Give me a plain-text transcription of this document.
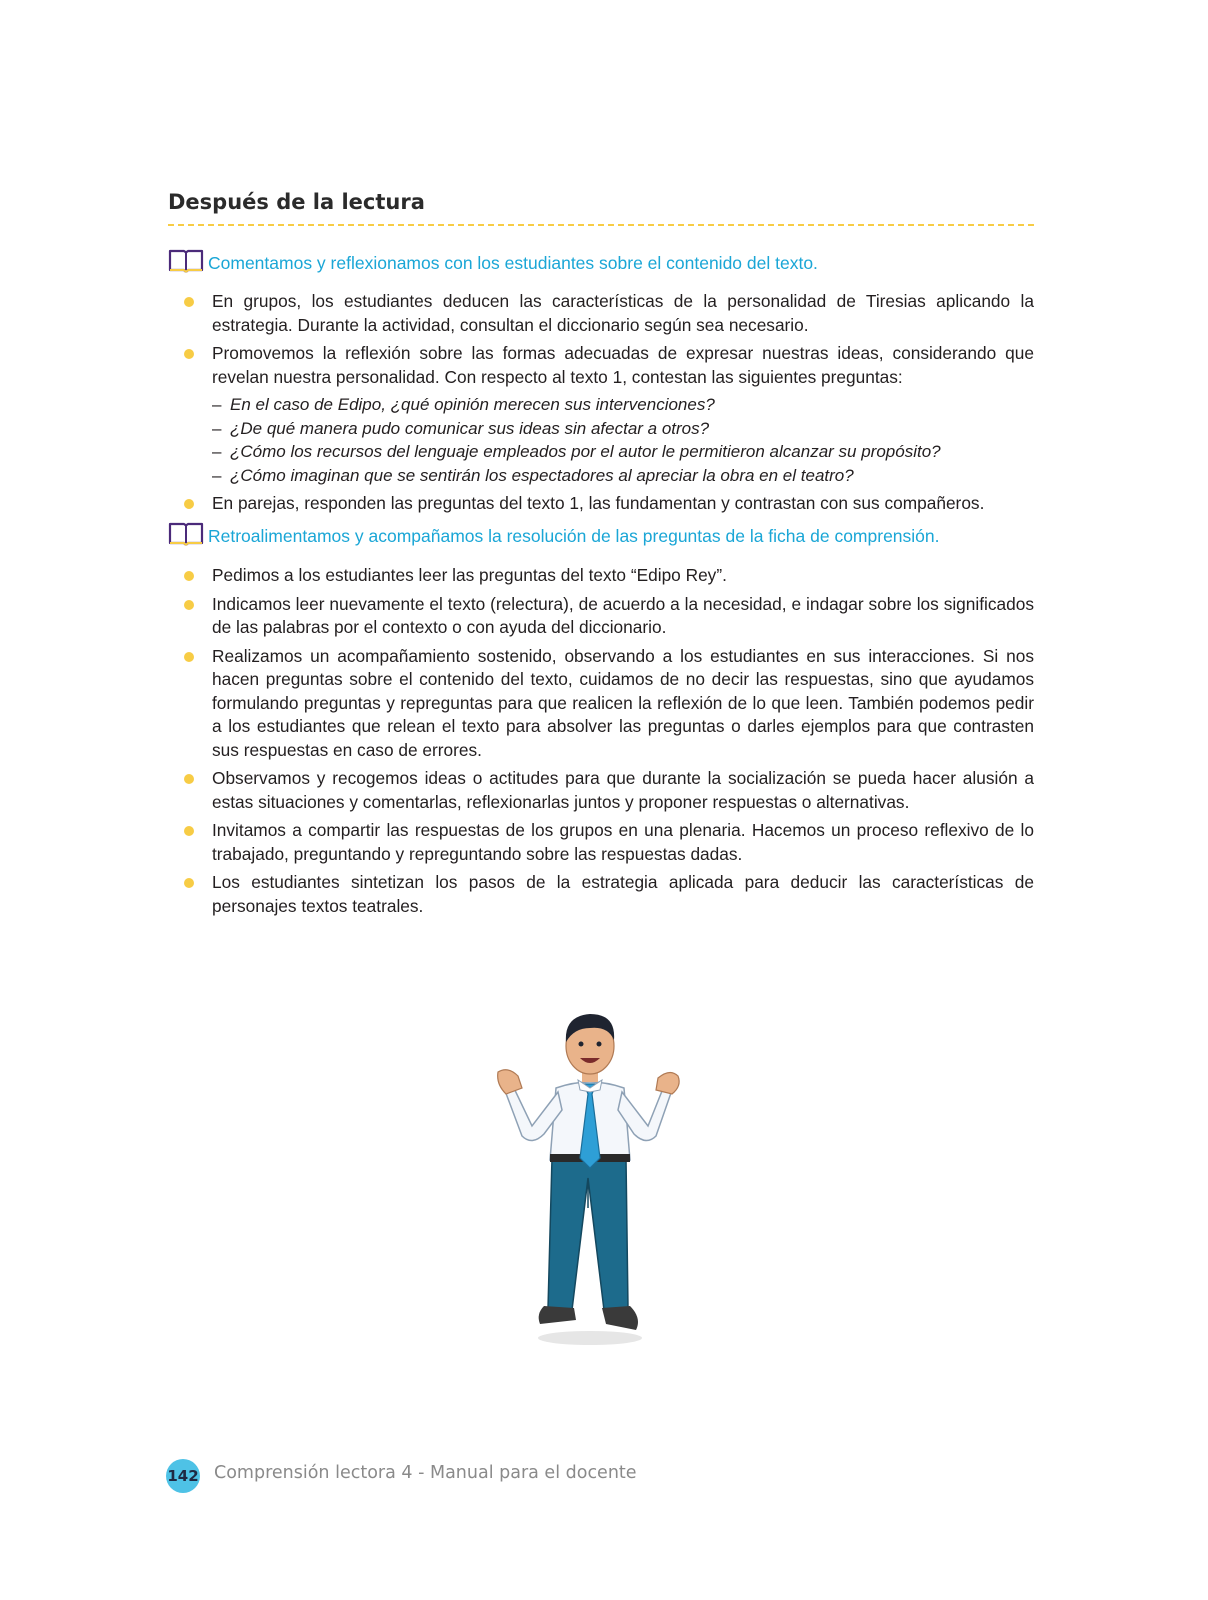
Después de la lectura
Comentamos y reflexionamos con los estudiantes sobre el contenido del texto.
En grupos, los estudiantes deducen las características de la personalidad de Tiresias aplicando la estrategia. Durante la actividad, consultan el diccionario según sea necesario.
Promovemos la reflexión sobre las formas adecuadas de expresar nuestras ideas, considerando que revelan nuestra personalidad. Con respecto al texto 1, contestan las siguientes preguntas:
– En el caso de Edipo, ¿qué opinión merecen sus intervenciones?
– ¿De qué manera pudo comunicar sus ideas sin afectar a otros?
– ¿Cómo los recursos del lenguaje empleados por el autor le permitieron alcanzar su propósito?
– ¿Cómo imaginan que se sentirán los espectadores al apreciar la obra en el teatro?
En parejas, responden las preguntas del texto 1, las fundamentan y contrastan con sus compañeros.
Retroalimentamos y acompañamos la resolución de las preguntas de la ficha de comprensión.
Pedimos a los estudiantes leer las preguntas del texto “Edipo Rey”.
Indicamos leer nuevamente el texto (relectura), de acuerdo a la necesidad, e indagar sobre los significados de las palabras por el contexto o con ayuda del diccionario.
Realizamos un acompañamiento sostenido, observando a los estudiantes en sus interacciones. Si nos hacen preguntas sobre el contenido del texto, cuidamos de no decir las respuestas, sino que ayudamos formulando preguntas y repreguntas para que realicen la reflexión de lo que leen. También podemos pedir a los estudiantes que relean el texto para absolver las preguntas o darles ejemplos para que contrasten sus respuestas en caso de errores.
Observamos y recogemos ideas o actitudes para que durante la socialización se pueda hacer alusión a estas situaciones y comentarlas, reflexionarlas juntos y proponer respuestas o alternativas.
Invitamos a compartir las respuestas de los grupos en una plenaria. Hacemos un proceso reflexivo de lo trabajado, preguntando y repreguntando sobre las respuestas dadas.
Los estudiantes sintetizan los pasos de la estrategia aplicada para deducir las características de personajes textos teatrales.
142 Comprensión lectora 4 - Manual para el docente
